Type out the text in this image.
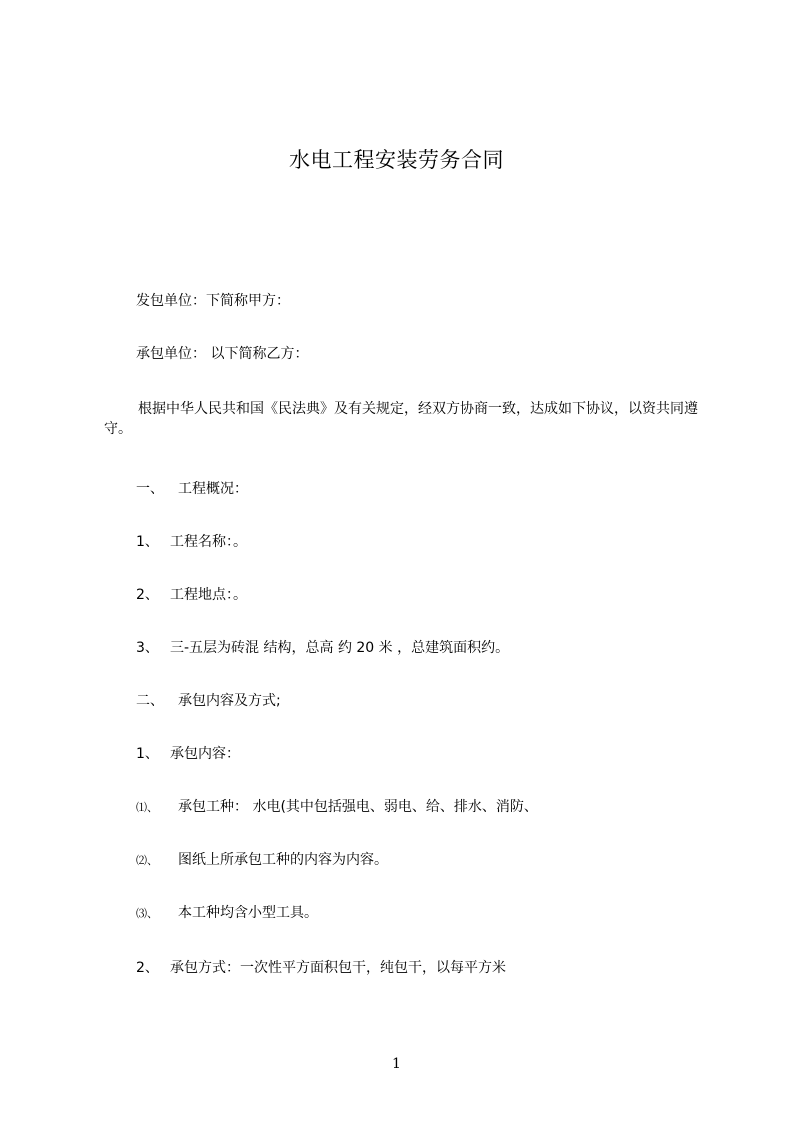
水电工程安装劳务合同
发包单位：下简称甲方：
承包单位： 以下简称乙方：
根据中华人民共和国《民法典》及有关规定，经双方协商一致，达成如下协议，以资共同遵守。
一、 工程概况：
1、 工程名称：。
2、 工程地点：。
3、 三-五层为砖混 结构，总高 约 20 米 ，总建筑面积约。
二、 承包内容及方式;
1、 承包内容：
⑴、 承包工种： 水电(其中包括强电、弱电、给、排水、消防、
⑵、 图纸上所承包工种的内容为内容。
⑶、 本工种均含小型工具。
2、 承包方式：一次性平方面积包干，纯包干，以每平方米
1
